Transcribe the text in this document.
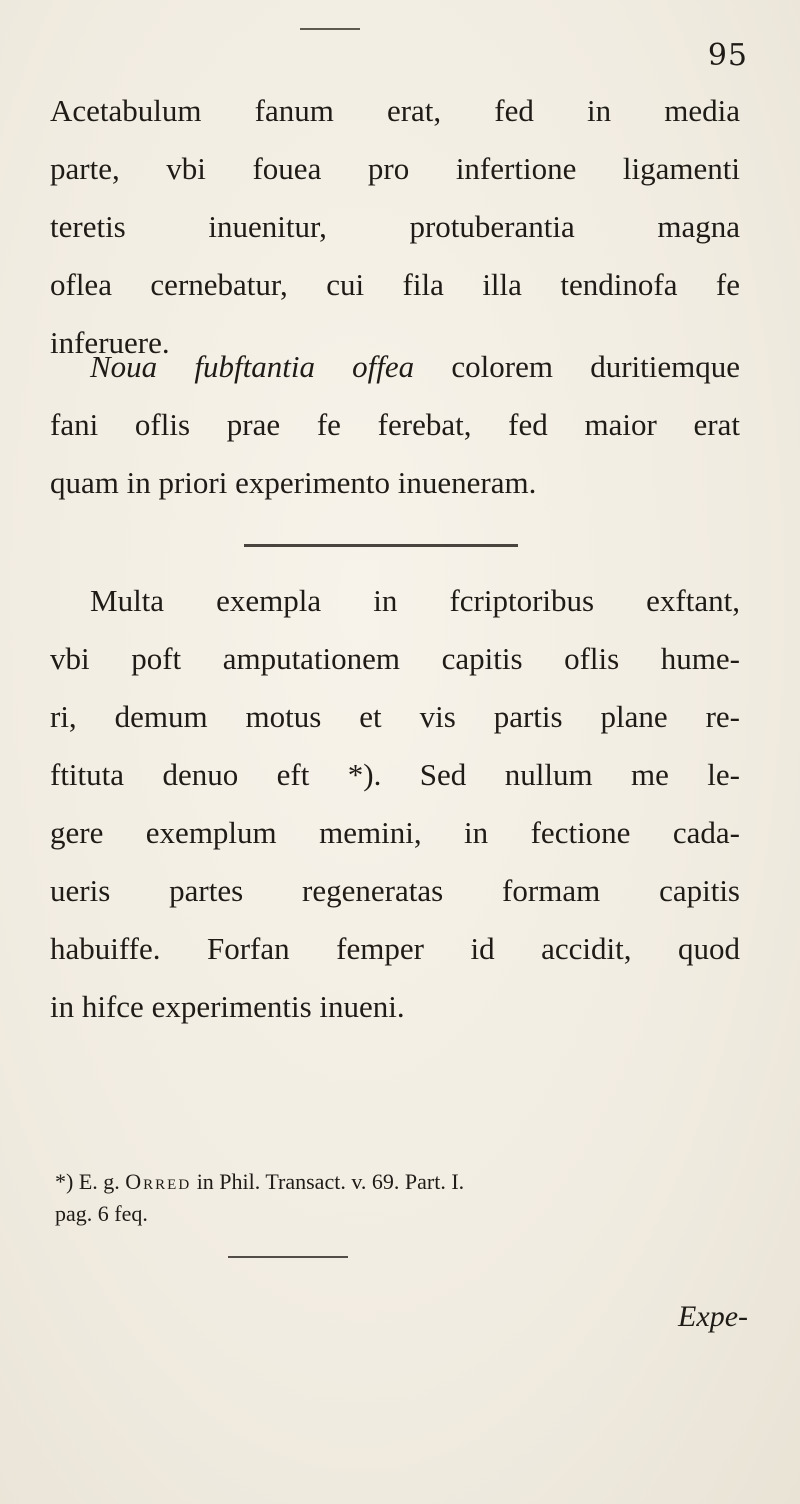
95

Acetabulum fanum erat, fed in media
parte, vbi fouea pro infertione ligamenti
teretis inuenitur, protuberantia magna
oflea cernebatur, cui fila illa tendinofa fe
inferuere.

Noua fubftantia offea colorem duritiemque
fani oflis prae fe ferebat, fed maior erat
quam in priori experimento inueneram.

Multa exempla in fcriptoribus exftant,
vbi poft amputationem capitis oflis hume-
ri, demum motus et vis partis plane re-
ftituta denuo eft *). Sed nullum me le-
gere exemplum memini, in fectione cada-
ueris partes regeneratas formam capitis
habuiffe. Forfan femper id accidit, quod
in hifce experimentis inueni.

*) E. g. Orred in Phil. Transact. v. 69. Part. I.
pag. 6 feq.
Expe-
